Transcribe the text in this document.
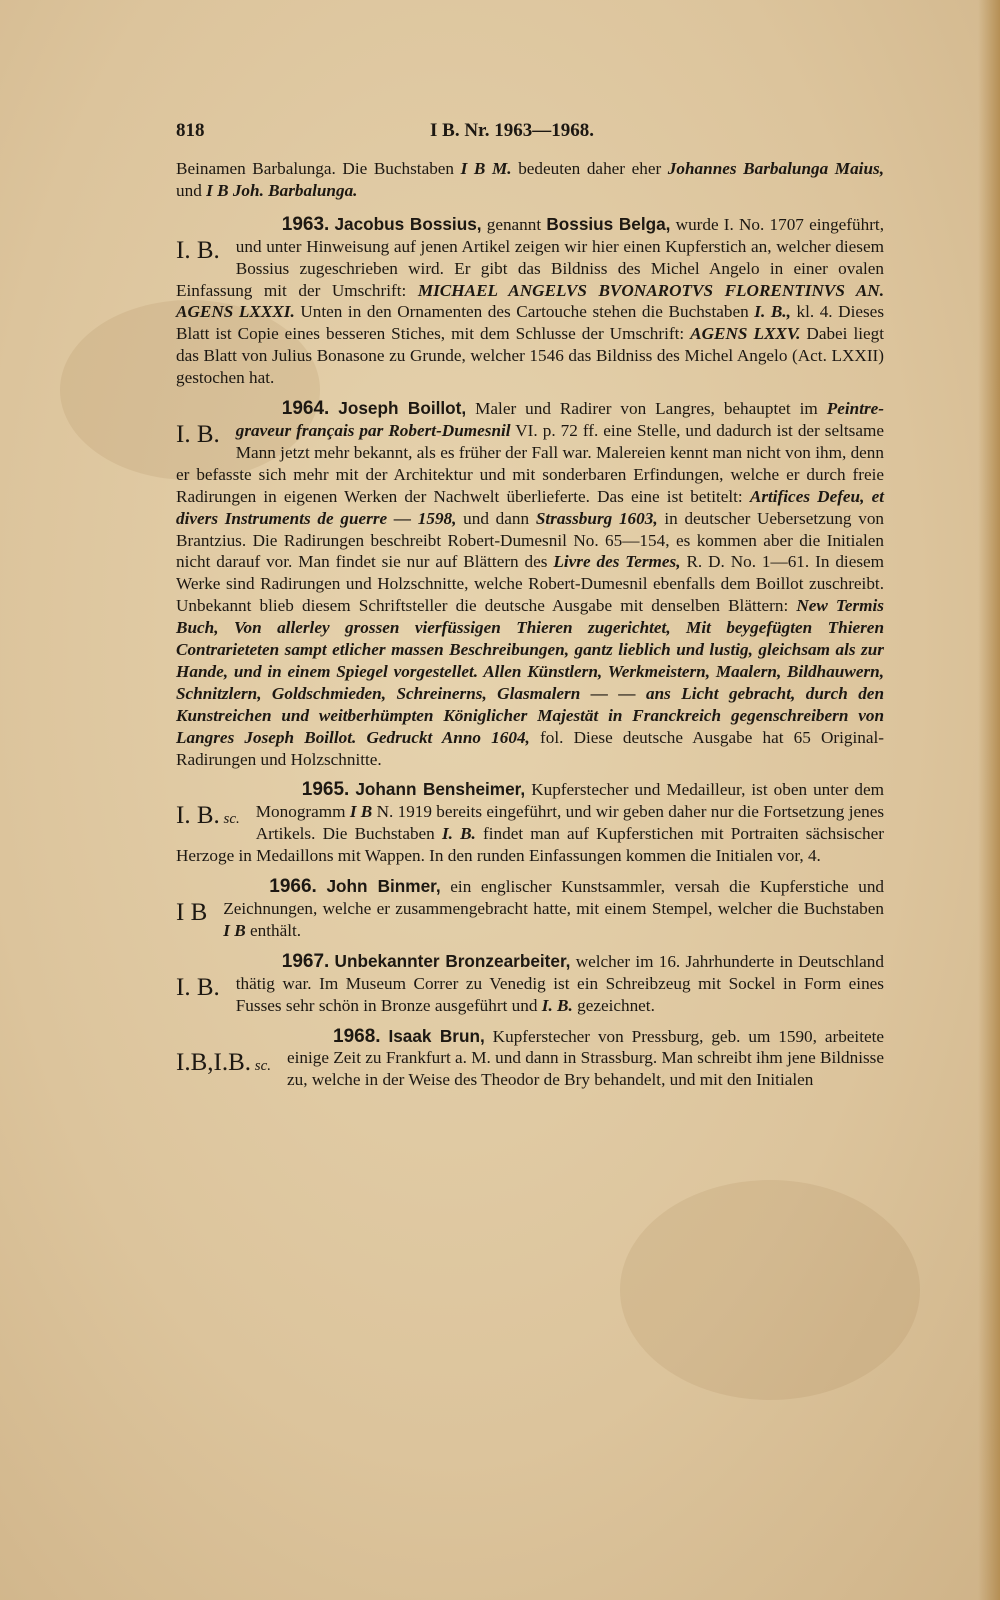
818	I B. Nr. 1963—1968.

Beinamen Barbalunga. Die Buchstaben I B M. bedeuten daher eher Johannes Barbalunga Maius, und I B Joh. Barbalunga.

I. B.
1963. Jacobus Bossius, genannt Bossius Belga, wurde I. No. 1707 eingeführt, und unter Hinweisung auf jenen Artikel zeigen wir hier einen Kupferstich an, welcher diesem Bossius zugeschrieben wird. Er gibt das Bildniss des Michel Angelo in einer ovalen Einfassung mit der Umschrift: MICHAEL ANGELVS BVONAROTVS FLORENTINVS AN. AGENS LXXXI. Unten in den Ornamenten des Cartouche stehen die Buchstaben I. B., kl. 4. Dieses Blatt ist Copie eines besseren Stiches, mit dem Schlusse der Umschrift: AGENS LXXV. Dabei liegt das Blatt von Julius Bonasone zu Grunde, welcher 1546 das Bildniss des Michel Angelo (Act. LXXII) gestochen hat.

I. B.
1964. Joseph Boillot, Maler und Radirer von Langres, behauptet im Peintre-graveur français par Robert-Dumesnil VI. p. 72 ff. eine Stelle, und dadurch ist der seltsame Mann jetzt mehr bekannt, als es früher der Fall war. Malereien kennt man nicht von ihm, denn er befasste sich mehr mit der Architektur und mit sonderbaren Erfindungen, welche er durch freie Radirungen in eigenen Werken der Nachwelt überlieferte. Das eine ist betitelt: Artifices Defeu, et divers Instruments de guerre — 1598, und dann Strassburg 1603, in deutscher Uebersetzung von Brantzius. Die Radirungen beschreibt Robert-Dumesnil No. 65—154, es kommen aber die Initialen nicht darauf vor. Man findet sie nur auf Blättern des Livre des Termes, R. D. No. 1—61. In diesem Werke sind Radirungen und Holzschnitte, welche Robert-Dumesnil ebenfalls dem Boillot zuschreibt. Unbekannt blieb diesem Schriftsteller die deutsche Ausgabe mit denselben Blättern: New Termis Buch, Von allerley grossen vierfüssigen Thieren zugerichtet, Mit beygefügten Thieren Contrarieteten sampt etlicher massen Beschreibungen, gantz lieblich und lustig, gleichsam als zur Hande, und in einem Spiegel vorgestellet. Allen Künstlern, Werkmeistern, Maalern, Bildhauwern, Schnitzlern, Goldschmieden, Schreinerns, Glasmalern — — ans Licht gebracht, durch den Kunstreichen und weitberhümpten Königlicher Majestät in Franckreich gegenschreibern von Langres Joseph Boillot. Gedruckt Anno 1604, fol. Diese deutsche Ausgabe hat 65 Original-Radirungen und Holzschnitte.

I. B. sc.
1965. Johann Bensheimer, Kupferstecher und Medailleur, ist oben unter dem Monogramm I B N. 1919 bereits eingeführt, und wir geben daher nur die Fortsetzung jenes Artikels. Die Buchstaben I. B. findet man auf Kupferstichen mit Portraiten sächsischer Herzoge in Medaillons mit Wappen. In den runden Einfassungen kommen die Initialen vor, 4.

I B
1966. John Binmer, ein englischer Kunstsammler, versah die Kupferstiche und Zeichnungen, welche er zusammengebracht hatte, mit einem Stempel, welcher die Buchstaben I B enthält.

I. B.
1967. Unbekannter Bronzearbeiter, welcher im 16. Jahrhunderte in Deutschland thätig war. Im Museum Correr zu Venedig ist ein Schreibzeug mit Sockel in Form eines Fusses sehr schön in Bronze ausgeführt und I. B. gezeichnet.

I.B,I.B. sc.
1968. Isaak Brun, Kupferstecher von Pressburg, geb. um 1590, arbeitete einige Zeit zu Frankfurt a. M. und dann in Strassburg. Man schreibt ihm jene Bildnisse zu, welche in der Weise des Theodor de Bry behandelt, und mit den Initialen
